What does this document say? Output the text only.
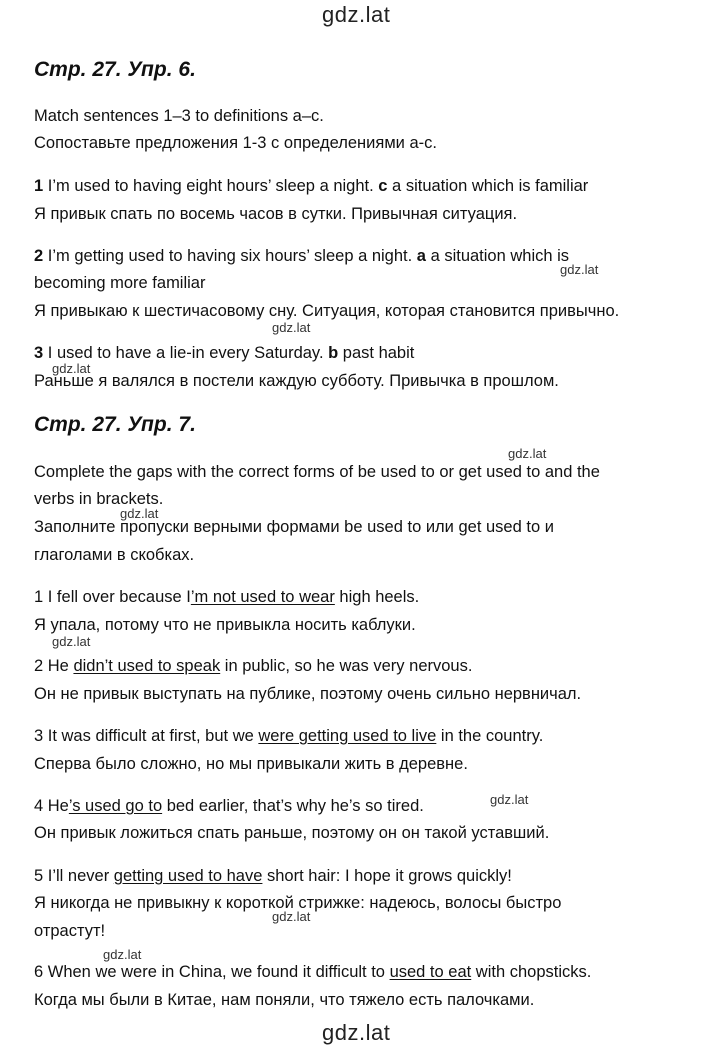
gdz.lat
Стр. 27. Упр. 6.
Match sentences 1–3 to definitions a–c.
Сопоставьте предложения 1-3 с определениями a-c.
1 I’m used to having eight hours’ sleep a night. c a situation which is familiar
Я привык спать по восемь часов в сутки. Привычная ситуация.
2 I’m getting used to having six hours’ sleep a night. a a situation which is
becoming more familiar
gdz.lat
Я привыкаю к шестичасовому сну. Ситуация, которая становится привычно.
gdz.lat
3 I used to have a lie-in every Saturday. b past habit
gdz.lat
Раньше я валялся в постели каждую субботу. Привычка в прошлом.
Стр. 27. Упр. 7.
gdz.lat
Complete the gaps with the correct forms of be used to or get used to and the
verbs in brackets.
gdz.lat
Заполните пропуски верными формами be used to или get used to и
глаголами в скобках.
1 I fell over because I’m not used to wear high heels.
Я упала, потому что не привыкла носить каблуки.
gdz.lat
2 He didn’t used to speak in public, so he was very nervous.
Он не привык выступать на публике, поэтому очень сильно нервничал.
3 It was difficult at first, but we were getting used to live in the country.
Сперва было сложно, но мы привыкали жить в деревне.
4 He’s used go to bed earlier, that’s why he’s so tired.	gdz.lat
Он привык ложиться спать раньше, поэтому он он такой уставший.
5 I’ll never getting used to have short hair: I hope it grows quickly!
Я никогда не привыкну к короткой стрижке: надеюсь, волосы быстро
gdz.lat
отрастут!
gdz.lat
6 When we were in China, we found it difficult to used to eat with chopsticks.
Когда мы были в Китае, нам поняли, что тяжело есть палочками.
gdz.lat
